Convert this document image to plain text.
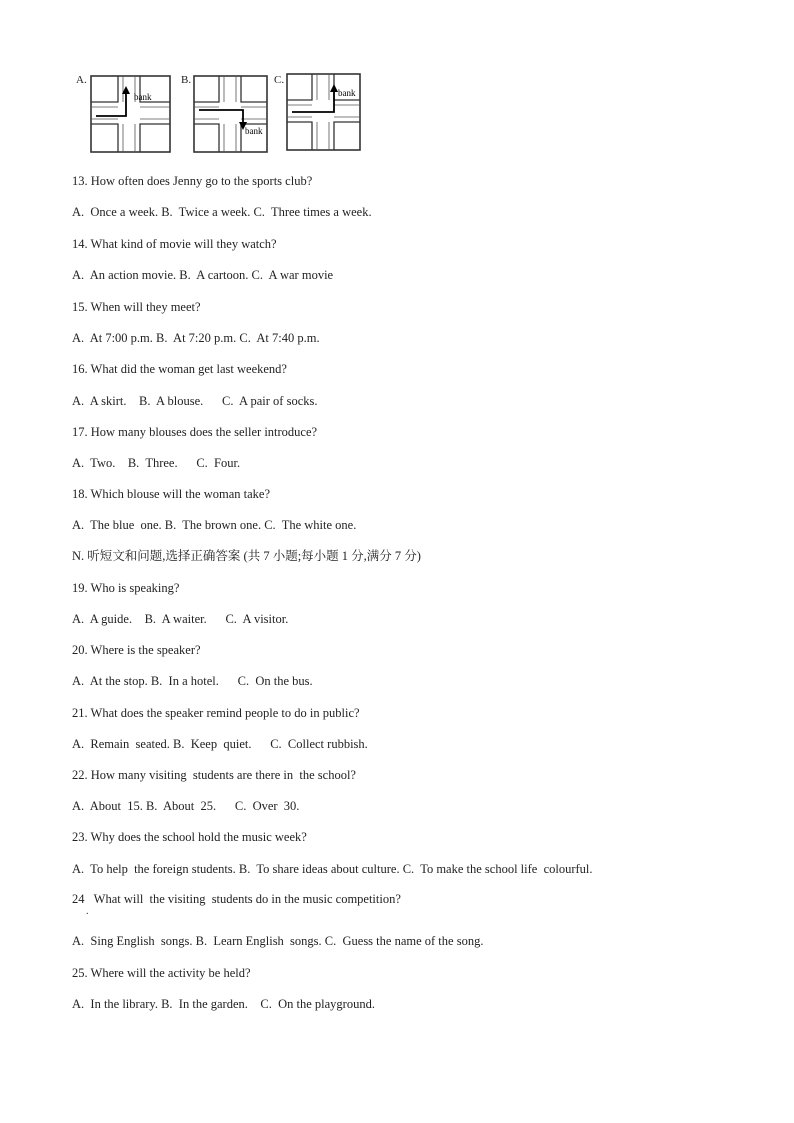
A.
bank
B.
bank
C.
bank
13. How often does Jenny go to the sports club?
A.  Once a week. B.  Twice a week. C.  Three times a week.
14. What kind of movie will they watch?
A.  An action movie. B.  A cartoon. C.  A war movie
15. When will they meet?
A.  At 7:00 p.m. B.  At 7:20 p.m. C.  At 7:40 p.m.
16. What did the woman get last weekend?
A.  A skirt.    B.  A blouse.      C.  A pair of socks.
17. How many blouses does the seller introduce?
A.  Two.    B.  Three.      C.  Four.
18. Which blouse will the woman take?
A.  The blue  one. B.  The brown one. C.  The white one.
N. 听短文和问题,选择正确答案 (共 7 小题;每小题 1 分,满分 7 分)
19. Who is speaking?
A.  A guide.    B.  A waiter.      C.  A visitor.
20. Where is the speaker?
A.  At the stop. B.  In a hotel.      C.  On the bus.
21. What does the speaker remind people to do in public?
A.  Remain  seated. B.  Keep  quiet.      C.  Collect rubbish.
22. How many visiting  students are there in  the school?
A.  About  15. B.  About  25.      C.  Over  30.
23. Why does the school hold the music week?
A.  To help  the foreign students. B.  To share ideas about culture. C.  To make the school life  colourful.
24   What will  the visiting  students do in the music competition?
.
A.  Sing English  songs. B.  Learn English  songs. C.  Guess the name of the song.
25. Where will the activity be held?
A.  In the library. B.  In the garden.    C.  On the playground.
